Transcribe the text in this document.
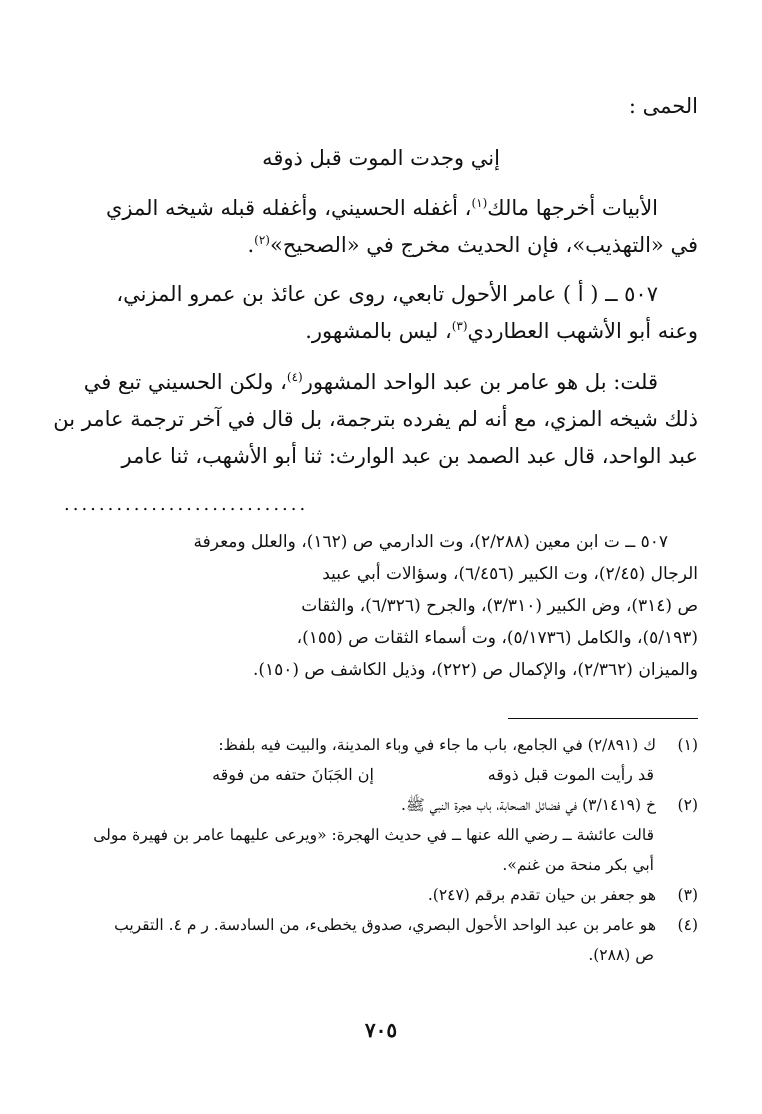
الحمى :
إني وجدت الموت قبل ذوقه
الأبيات أخرجها مالك$^{(١)}$، أغفله الحسيني، وأغفله قبله شيخه المزي
في «التهذيب»، فإن الحديث مخرج في «الصحيح»$^{(٢)}$.
٥٠٧ ــ ( أ ) عامر الأحول تابعي، روى عن عائذ بن عمرو المزني،
وعنه أبو الأشهب العطاردي$^{(٣)}$، ليس بالمشهور.
قلت: بل هو عامر بن عبد الواحد المشهور$^{(٤)}$، ولكن الحسيني تبع في
ذلك شيخه المزي، مع أنه لم يفرده بترجمة، بل قال في آخر ترجمة عامر بن
عبد الواحد، قال عبد الصمد بن عبد الوارث: ثنا أبو الأشهب، ثنا عامر
............................
٥٠٧ ــ ت ابن معين (٢/٢٨٨)، وت الدارمي ص (١٦٢)، والعلل ومعرفة
الرجال (٢/٤٥)، وت الكبير (٦/٤٥٦)، وسؤالات أبي عبيد
ص (٣١٤)، وض الكبير (٣/٣١٠)، والجرح (٦/٣٢٦)، والثقات
(٥/١٩٣)، والكامل (٥/١٧٣٦)، وت أسماء الثقات ص (١٥٥)،
والميزان (٢/٣٦٢)، والإكمال ص (٢٢٢)، وذيل الكاشف ص (١٥٠).
(١)ك (٢/٨٩١) في الجامع، باب ما جاء في وباء المدينة، والبيت فيه بلفظ:
قد رأيت الموت قبل ذوقهإن الجَبَانَ حتفه من فوقه
(٢)خ (٣/١٤١٩) في فضائل الصحابة، باب هجرة النبي ﷺ.
قالت عائشة ــ رضي الله عنها ــ في حديث الهجرة: «ويرعى عليهما عامر بن فهيرة مولى
أبي بكر منحة من غنم».
(٣)هو جعفر بن حيان تقدم برقم (٢٤٧).
(٤)هو عامر بن عبد الواحد الأحول البصري، صدوق يخطىء، من السادسة. ر م ٤. التقريب
ص (٢٨٨).
٧٠٥
